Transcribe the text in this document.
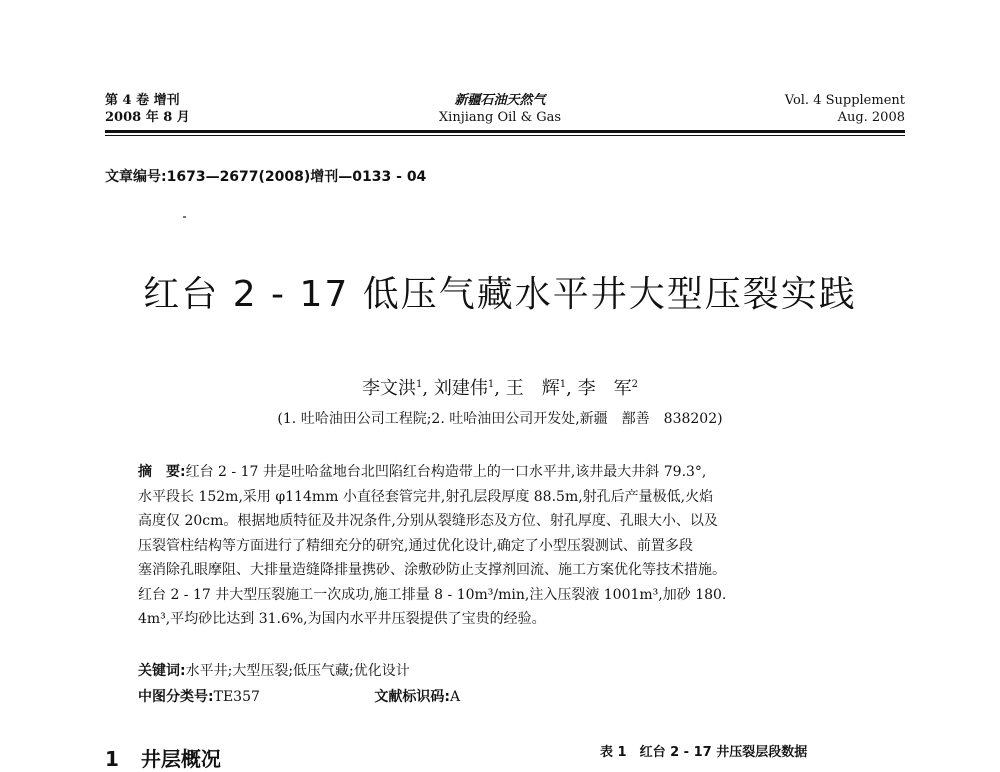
第 4 卷 增刊
2008 年 8 月
新疆石油天然气
Xinjiang Oil & Gas
Vol. 4 Supplement
Aug. 2008
文章编号:1673—2677(2008)增刊—0133 - 04
红台 2 - 17 低压气藏水平井大型压裂实践
李文洪$^1$, 刘建伟$^1$, 王　辉$^1$, 李　军$^2$
(1. 吐哈油田公司工程院;2. 吐哈油田公司开发处,新疆　鄯善　838202)
摘　要:红台 2 - 17 井是吐哈盆地台北凹陷红台构造带上的一口水平井,该井最大井斜 79.3°,
水平段长 152m,采用 φ114mm 小直径套管完井,射孔层段厚度 88.5m,射孔后产量极低,火焰
高度仅 20cm。根据地质特征及井况条件,分别从裂缝形态及方位、射孔厚度、孔眼大小、以及
压裂管柱结构等方面进行了精细充分的研究,通过优化设计,确定了小型压裂测试、前置多段
塞消除孔眼摩阻、大排量造缝降排量携砂、涂敷砂防止支撑剂回流、施工方案优化等技术措施。
红台 2 - 17 井大型压裂施工一次成功,施工排量 8 - 10m³/min,注入压裂液 1001m³,加砂 180.
4m³,平均砂比达到 31.6%,为国内水平井压裂提供了宝贵的经验。
关键词:水平井;大型压裂;低压气藏;优化设计
中图分类号:TE357	文献标识码:A
1 井层概况	表 1　红台 2 - 17 井压裂层段数据
